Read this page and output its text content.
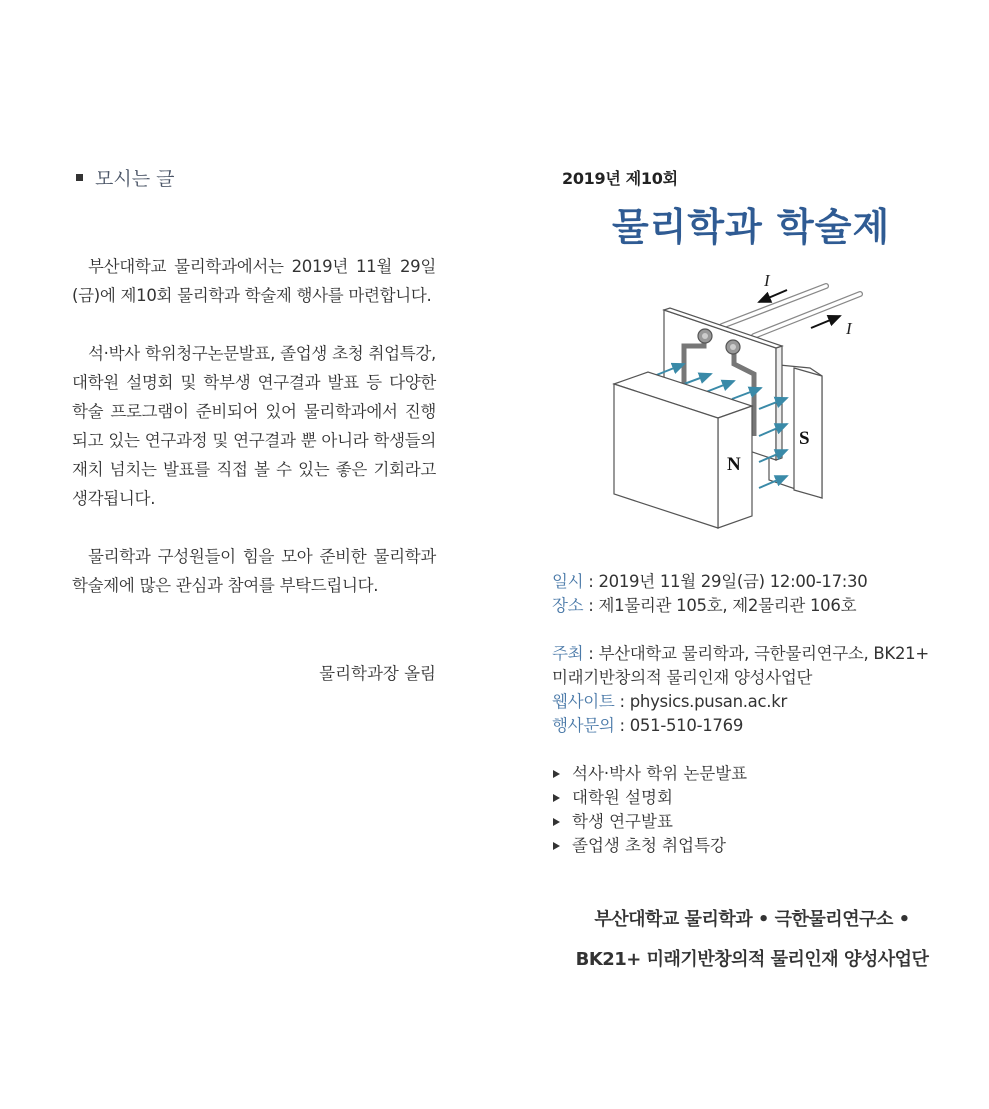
모시는 글

부산대학교 물리학과에서는 2019년 11월 29일(금)에 제10회 물리학과 학술제 행사를 마련합니다.

석·박사 학위청구논문발표, 졸업생 초청 취업특강, 대학원 설명회 및 학부생 연구결과 발표 등 다양한 학술 프로그램이 준비되어 있어 물리학과에서 진행되고 있는 연구과정 및 연구결과 뿐 아니라 학생들의 재치 넘치는 발표를 직접 볼 수 있는 좋은 기회라고 생각됩니다.

물리학과 구성원들이 힘을 모아 준비한 물리학과 학술제에 많은 관심과 참여를 부탁드립니다.

물리학과장 올림
2019년 제10회
물리학과 학술제
I
I
S
N
일시 : 2019년 11월 29일(금) 12:00-17:30
장소 : 제1물리관 105호, 제2물리관 106호
주최 : 부산대학교 물리학과, 극한물리연구소, BK21+
미래기반창의적 물리인재 양성사업단
웹사이트 : physics.pusan.ac.kr
행사문의 : 051-510-1769
석사·박사 학위 논문발표
대학원 설명회
학생 연구발표
졸업생 초청 취업특강
부산대학교 물리학과 • 극한물리연구소 •
BK21+ 미래기반창의적 물리인재 양성사업단
